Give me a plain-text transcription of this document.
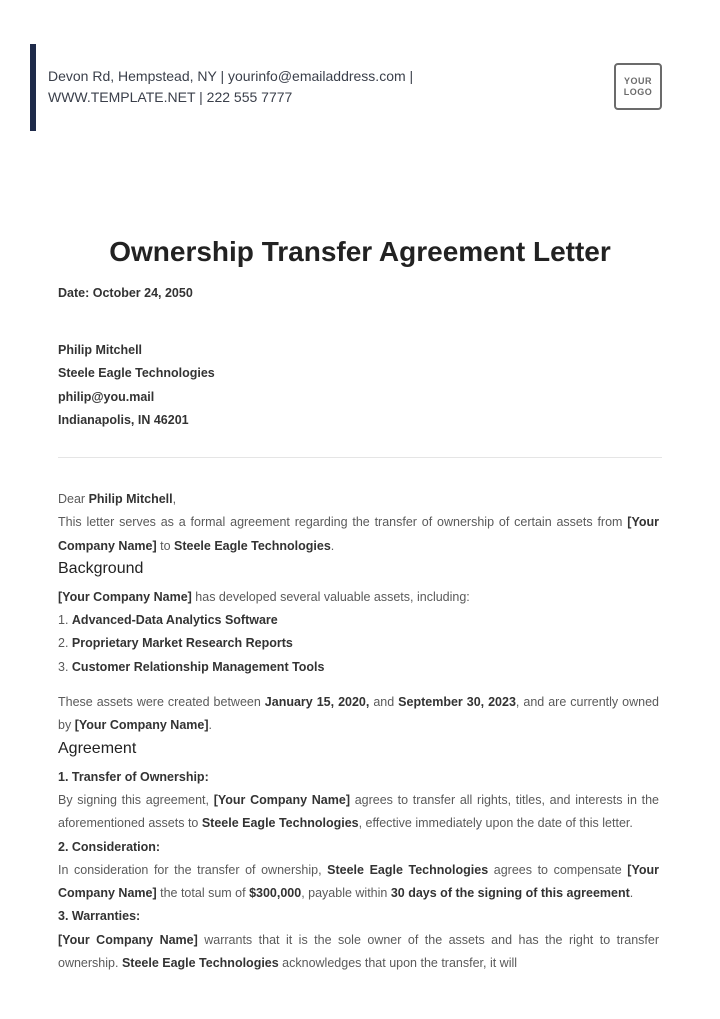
Devon Rd, Hempstead, NY | yourinfo@emailaddress.com |
WWW.TEMPLATE.NET | 222 555 7777
YOUR
LOGO
Ownership Transfer Agreement Letter
Date: October 24, 2050
Philip Mitchell
Steele Eagle Technologies
philip@you.mail
Indianapolis, IN 46201

Dear Philip Mitchell,

This letter serves as a formal agreement regarding the transfer of ownership of certain assets from [Your Company Name] to Steele Eagle Technologies.

Background

[Your Company Name] has developed several valuable assets, including:

1. Advanced-Data Analytics Software
2. Proprietary Market Research Reports
3. Customer Relationship Management Tools

These assets were created between January 15, 2020, and September 30, 2023, and are currently owned by [Your Company Name].

Agreement

1. Transfer of Ownership:

By signing this agreement, [Your Company Name] agrees to transfer all rights, titles, and interests in the aforementioned assets to Steele Eagle Technologies, effective immediately upon the date of this letter.

2. Consideration:

In consideration for the transfer of ownership, Steele Eagle Technologies agrees to compensate [Your Company Name] the total sum of $300,000, payable within 30 days of the signing of this agreement.

3. Warranties:

[Your Company Name] warrants that it is the sole owner of the assets and has the right to transfer ownership. Steele Eagle Technologies acknowledges that upon the transfer, it will
